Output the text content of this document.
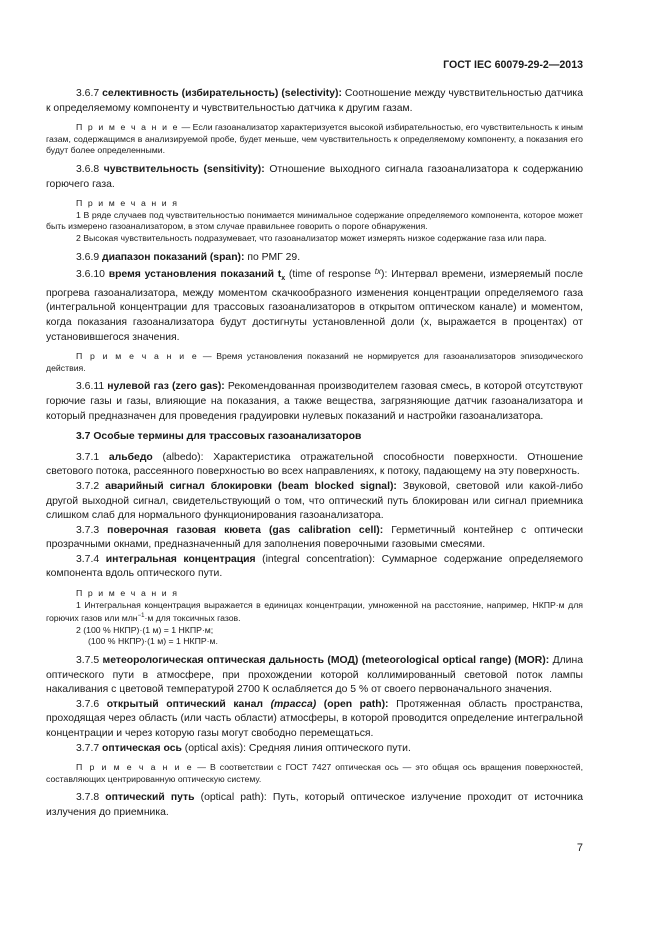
ГОСТ IEC 60079-29-2—2013

3.6.7 селективность (избирательность) (selectivity): Соотношение между чувствительностью датчика к определяемому компоненту и чувствительностью датчика к другим газам.

П р и м е ч а н и е — Если газоанализатор характеризуется высокой избирательностью, его чувствительность к иным газам, содержащимся в анализируемой пробе, будет меньше, чем чувствительность к определяемому компоненту, а показания его будут более определенными.

3.6.8 чувствительность (sensitivity): Отношение выходного сигнала газоанализатора к содержанию горючего газа.

П р и м е ч а н и я

1 В ряде случаев под чувствительностью понимается минимальное содержание определяемого компонента, которое может быть измерено газоанализатором, в этом случае правильнее говорить о пороге обнаружения.

2 Высокая чувствительность подразумевает, что газоанализатор может измерять низкое содержание газа или пара.

3.6.9 диапазон показаний (span): по РМГ 29.

3.6.10 время установления показаний $t_x$ (time of response $^{tx}$): Интервал времени, измеряемый после прогрева газоанализатора, между моментом скачкообразного изменения концентрации определяемого газа (интегральной концентрации для трассовых газоанализаторов в открытом оптическом канале) и моментом, когда показания газоанализатора будут достигнуты установленной доли (x, выражается в процентах) от установившегося значения.

П р и м е ч а н и е — Время установления показаний не нормируется для газоанализаторов эпизодического действия.

3.6.11 нулевой газ (zero gas): Рекомендованная производителем газовая смесь, в которой отсутствуют горючие газы и газы, влияющие на показания, а также вещества, загрязняющие датчик газоанализатора и который предназначен для проведения градуировки нулевых показаний и настройки газоанализатора.

3.7 Особые термины для трассовых газоанализаторов

3.7.1 альбедо (albedo): Характеристика отражательной способности поверхности. Отношение светового потока, рассеянного поверхностью во всех направлениях, к потоку, падающему на эту поверхность.

3.7.2 аварийный сигнал блокировки (beam blocked signal): Звуковой, световой или какой-либо другой выходной сигнал, свидетельствующий о том, что оптический путь блокирован или сигнал приемника слишком слаб для нормального функционирования газоанализатора.

3.7.3 поверочная газовая кювета (gas calibration cell): Герметичный контейнер с оптически прозрачными окнами, предназначенный для заполнения поверочными газовыми смесями.

3.7.4 интегральная концентрация (integral concentration): Суммарное содержание определяемого компонента вдоль оптического пути.

П р и м е ч а н и я

1 Интегральная концентрация выражается в единицах концентрации, умноженной на расстояние, например, НКПР·м для горючих газов или млн$^{-1}$·м для токсичных газов.

2 (100 % НКПР)·(1 м) = 1 НКПР·м;

(100 % НКПР)·(1 м) = 1 НКПР·м.

3.7.5 метеорологическая оптическая дальность (МОД) (meteorological optical range) (MOR): Длина оптического пути в атмосфере, при прохождении которой коллимированный световой поток лампы накаливания с цветовой температурой 2700 К ослабляется до 5 % от своего первоначального значения.

3.7.6 открытый оптический канал (трасса) (open path): Протяженная область пространства, проходящая через область (или часть области) атмосферы, в которой проводится определение интегральной концентрации и через которую газы могут свободно перемещаться.

3.7.7 оптическая ось (optical axis): Средняя линия оптического пути.

П р и м е ч а н и е — В соответствии с ГОСТ 7427 оптическая ось — это общая ось вращения поверхностей, составляющих центрированную оптическую систему.

3.7.8 оптический путь (optical path): Путь, который оптическое излучение проходит от источника излучения до приемника.

7
